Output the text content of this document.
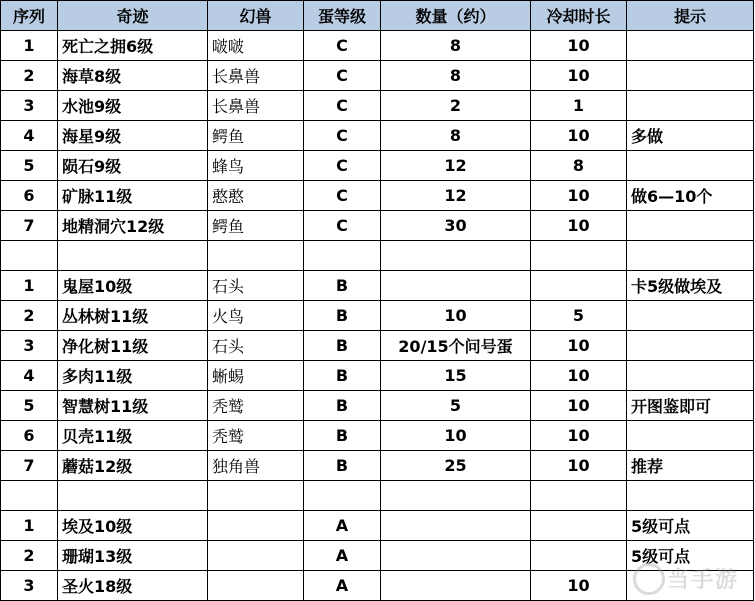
序列	奇迹	幻兽	蛋等级	数量（约）	冷却时长	提示
1	死亡之拥6级	啵啵	C	8	10	
2	海草8级	长鼻兽	C	8	10	
3	水池9级	长鼻兽	C	2	1	
4	海星9级	鳄鱼	C	8	10	多做
5	陨石9级	蜂鸟	C	12	8	
6	矿脉11级	憨憨	C	12	10	做6—10个
7	地精洞穴12级	鳄鱼	C	30	10	

1	鬼屋10级	石头	B			卡5级做埃及
2	丛林树11级	火鸟	B	10	5	
3	净化树11级	石头	B	20/15个问号蛋	10	
4	多肉11级	蜥蜴	B	15	10	
5	智慧树11级	秃鹫	B	5	10	开图鉴即可
6	贝壳11级	秃鹫	B	10	10	
7	蘑菇12级	独角兽	B	25	10	推荐

1	埃及10级		A			5级可点
2	珊瑚13级		A			5级可点
3	圣火18级		A		10		当手游
